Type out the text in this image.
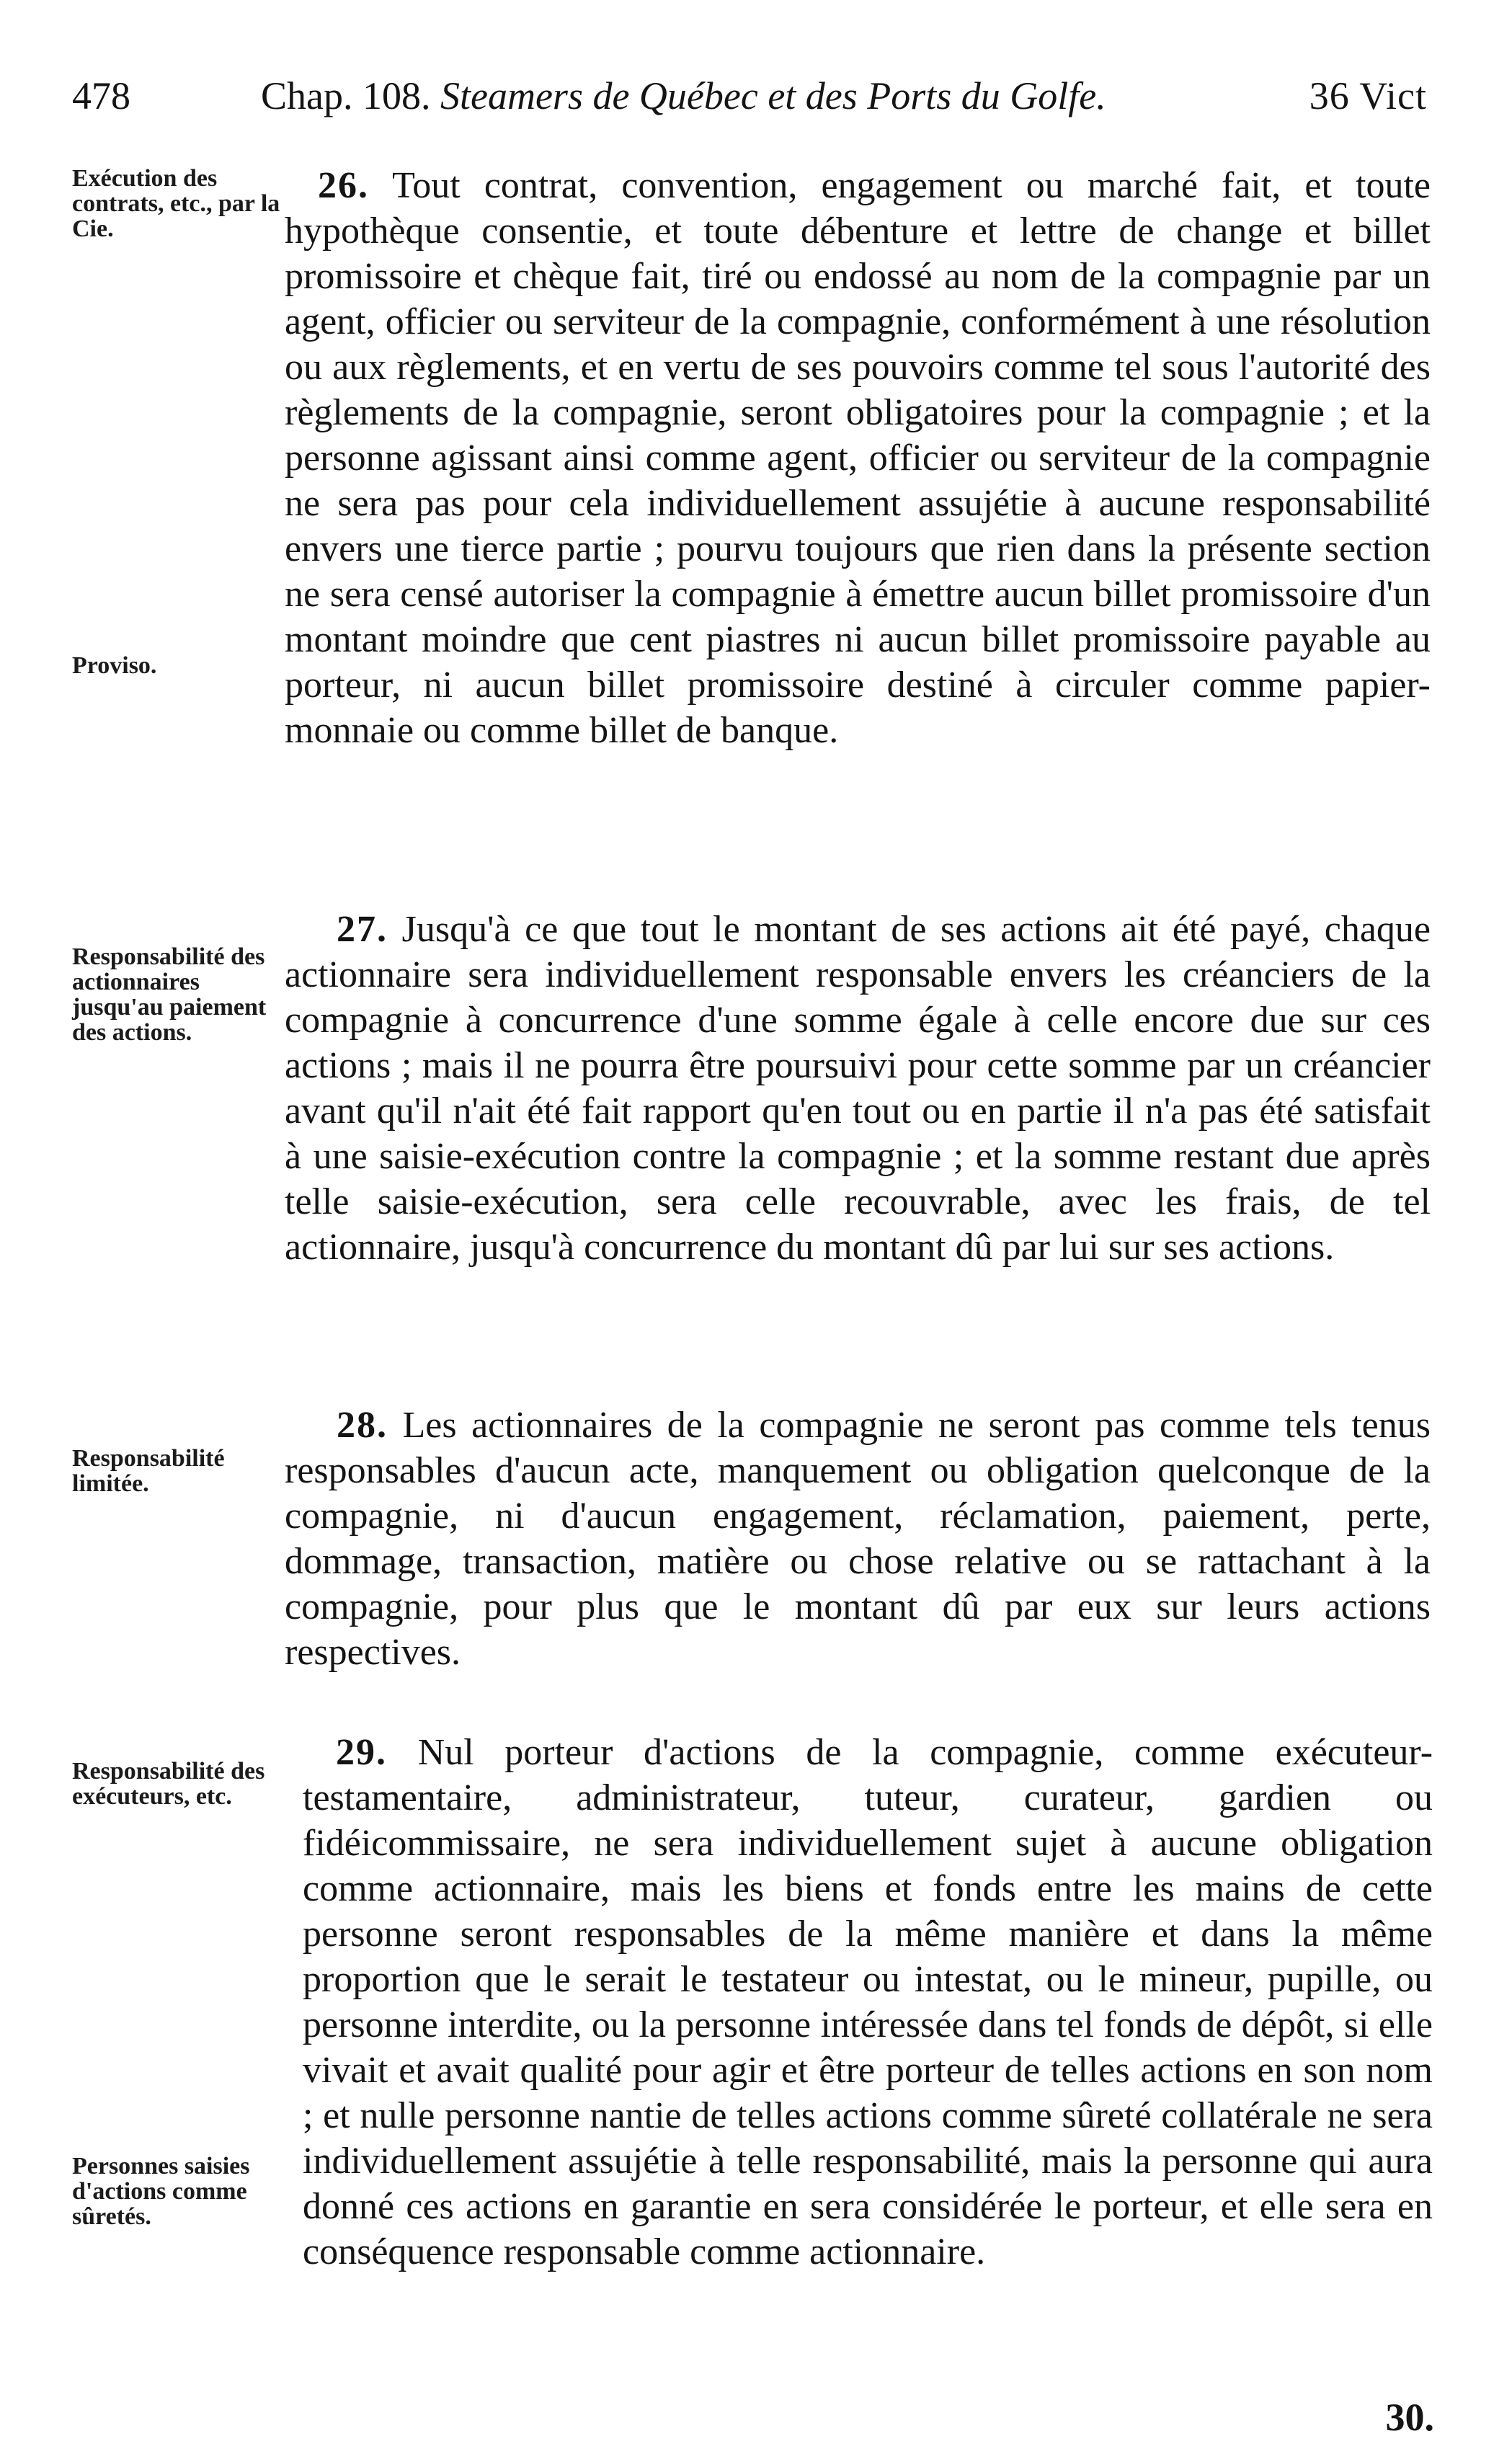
478	Chap. 108. Steamers de Québec et des Ports du Golfe.	36 Vict
Exécution des contrats, etc., par la Cie.
26. Tout contrat, convention, engagement ou marché fait, et toute hypothèque consentie, et toute débenture et lettre de change et billet promissoire et chèque fait, tiré ou endossé au nom de la compagnie par un agent, officier ou serviteur de la compagnie, conformément à une résolution ou aux règlements, et en vertu de ses pouvoirs comme tel sous l'autorité des règlements de la compagnie, seront obligatoires pour la compagnie ; et la personne agissant ainsi comme agent, officier ou serviteur de la compagnie ne sera pas pour cela individuellement assujétie à aucune responsabilité envers une tierce partie ; pourvu toujours que rien dans la présente section ne sera censé autoriser la compagnie à émettre aucun billet promissoire d'un montant moindre que cent piastres ni aucun billet promissoire payable au porteur, ni aucun billet promissoire destiné à circuler comme papier-monnaie ou comme billet de banque.
Proviso.
Responsabilité des actionnaires jusqu'au paiement des actions.
27. Jusqu'à ce que tout le montant de ses actions ait été payé, chaque actionnaire sera individuellement responsable envers les créanciers de la compagnie à concurrence d'une somme égale à celle encore due sur ces actions ; mais il ne pourra être poursuivi pour cette somme par un créancier avant qu'il n'ait été fait rapport qu'en tout ou en partie il n'a pas été satisfait à une saisie-exécution contre la compagnie ; et la somme restant due après telle saisie-exécution, sera celle recouvrable, avec les frais, de tel actionnaire, jusqu'à concurrence du montant dû par lui sur ses actions.
Responsabilité limitée.
28. Les actionnaires de la compagnie ne seront pas comme tels tenus responsables d'aucun acte, manquement ou obligation quelconque de la compagnie, ni d'aucun engagement, réclamation, paiement, perte, dommage, transaction, matière ou chose relative ou se rattachant à la compagnie, pour plus que le montant dû par eux sur leurs actions respectives.
Responsabilité des exécuteurs, etc.
29. Nul porteur d'actions de la compagnie, comme exécuteur-testamentaire, administrateur, tuteur, curateur, gardien ou fidéicommissaire, ne sera individuellement sujet à aucune obligation comme actionnaire, mais les biens et fonds entre les mains de cette personne seront responsables de la même manière et dans la même proportion que le serait le testateur ou intestat, ou le mineur, pupille, ou personne interdite, ou la personne intéressée dans tel fonds de dépôt, si elle vivait et avait qualité pour agir et être porteur de telles actions en son nom ; et nulle personne nantie de telles actions comme sûreté collatérale ne sera individuellement assujétie à telle responsabilité, mais la personne qui aura donné ces actions en garantie en sera considérée le porteur, et elle sera en conséquence responsable comme actionnaire.
Personnes saisies d'actions comme sûretés.
30.
